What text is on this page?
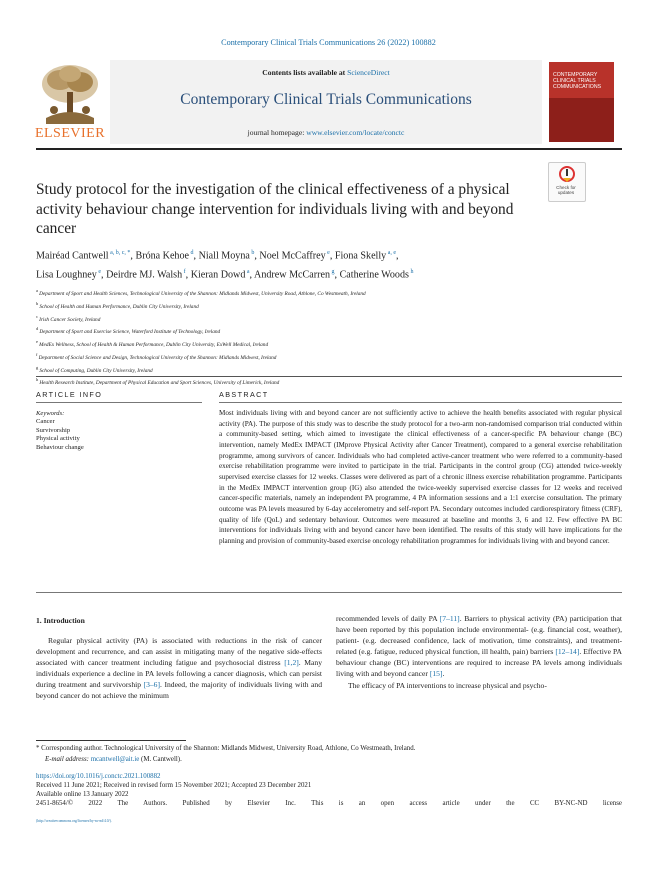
Contemporary Clinical Trials Communications 26 (2022) 100882
Contents lists available at ScienceDirect
Contemporary Clinical Trials Communications
journal homepage: www.elsevier.com/locate/conctc
ELSEVIER
CONTEMPORARY CLINICAL TRIALS COMMUNICATIONS
Check for updates
Study protocol for the investigation of the clinical effectiveness of a physical activity behaviour change intervention for individuals living with and beyond cancer
Mairéad Cantwell $^{a, b, c, *}$, Bróna Kehoe $^d$, Niall Moyna $^b$, Noel McCaffrey $^e$, Fiona Skelly $^{a, e}$,
Lisa Loughney $^e$, Deirdre MJ. Walsh $^f$, Kieran Dowd $^a$, Andrew McCarren $^g$, Catherine Woods $^h$
$^a$ Department of Sport and Health Sciences, Technological University of the Shannon: Midlands Midwest, University Road, Athlone, Co Westmeath, Ireland
$^b$ School of Health and Human Performance, Dublin City University, Ireland
$^c$ Irish Cancer Society, Ireland
$^d$ Department of Sport and Exercise Science, Waterford Institute of Technology, Ireland
$^e$ MedEx Wellness, School of Health & Human Performance, Dublin City University, ExWell Medical, Ireland
$^f$ Department of Social Science and Design, Technological University of the Shannon: Midlands Midwest, Ireland
$^g$ School of Computing, Dublin City University, Ireland
$^h$ Health Research Institute, Department of Physical Education and Sport Sciences, University of Limerick, Ireland
ARTICLE INFO	ABSTRACT
Keywords:
Cancer
Survivorship
Physical activity
Behaviour change
Most individuals living with and beyond cancer are not sufficiently active to achieve the health benefits associated with regular physical activity (PA). The purpose of this study was to describe the study protocol for a two-arm non-randomised comparison trial conducted within a community-based setting, which aimed to investigate the clinical effectiveness of a cancer-specific PA behaviour change (BC) intervention, namely MedEx IMPACT (IMprove Physical Activity after Cancer Treatment), compared to a general exercise rehabilitation programme, among survivors of cancer. Individuals who had completed active-cancer treatment who were referred to a community-based exercise rehabilitation programme were invited to participate in the trial. Participants in the control group (CG) attended twice-weekly supervised exercise classes for 12 weeks. Classes were delivered as part of a chronic illness exercise rehabilitation programme. Participants in the MedEx IMPACT intervention group (IG) also attended the twice-weekly supervised exercise classes for 12 weeks and received cancer-specific materials, namely an independent PA programme, 4 PA information sessions and a 1:1 exercise consultation. The primary outcome was PA levels measured by 6-day accelerometry and self-report PA. Secondary outcomes included cardiorespiratory fitness (CRF), quality of life (QoL) and sedentary behaviour. Outcomes were measured at baseline and months 3, 6 and 12. Few effective PA BC interventions for individuals living with and beyond cancer have been identified. The results of this study will have implications for the planning and provision of community-based exercise oncology rehabilitation programmes for individuals living with and beyond cancer.
1. Introduction
Regular physical activity (PA) is associated with reductions in the risk of cancer development and recurrence, and can assist in mitigating many of the negative side-effects associated with cancer treatment including fatigue and psychosocial distress [1,2]. Many individuals experience a decline in PA levels following a cancer diagnosis, which can persist during treatment and survivorship [3–6]. Indeed, the majority of individuals living with and beyond cancer do not achieve the minimum

recommended levels of daily PA [7–11]. Barriers to physical activity (PA) participation that have been reported by this population include environmental- (e.g. financial cost, weather), patient- (e.g. decreased confidence, lack of motivation, time constraints), and treatment-related (e.g. fatigue, reduced physical function, ill health, pain) barriers [12–14]. Effective PA behaviour change (BC) interventions are required to increase PA levels among individuals living with and beyond cancer [15].

The efficacy of PA interventions to increase physical and psycho-

* Corresponding author. Technological University of the Shannon: Midlands Midwest, University Road, Athlone, Co Westmeath, Ireland.
E-mail address: mcantwell@ait.ie (M. Cantwell).
https://doi.org/10.1016/j.conctc.2021.100882
Received 11 June 2021; Received in revised form 15 November 2021; Accepted 23 December 2021
Available online 13 January 2022
2451-8654/© 2022 The Authors. Published by Elsevier Inc. This is an open access article under the CC BY-NC-ND license
(http://creativecommons.org/licenses/by-nc-nd/4.0/).
